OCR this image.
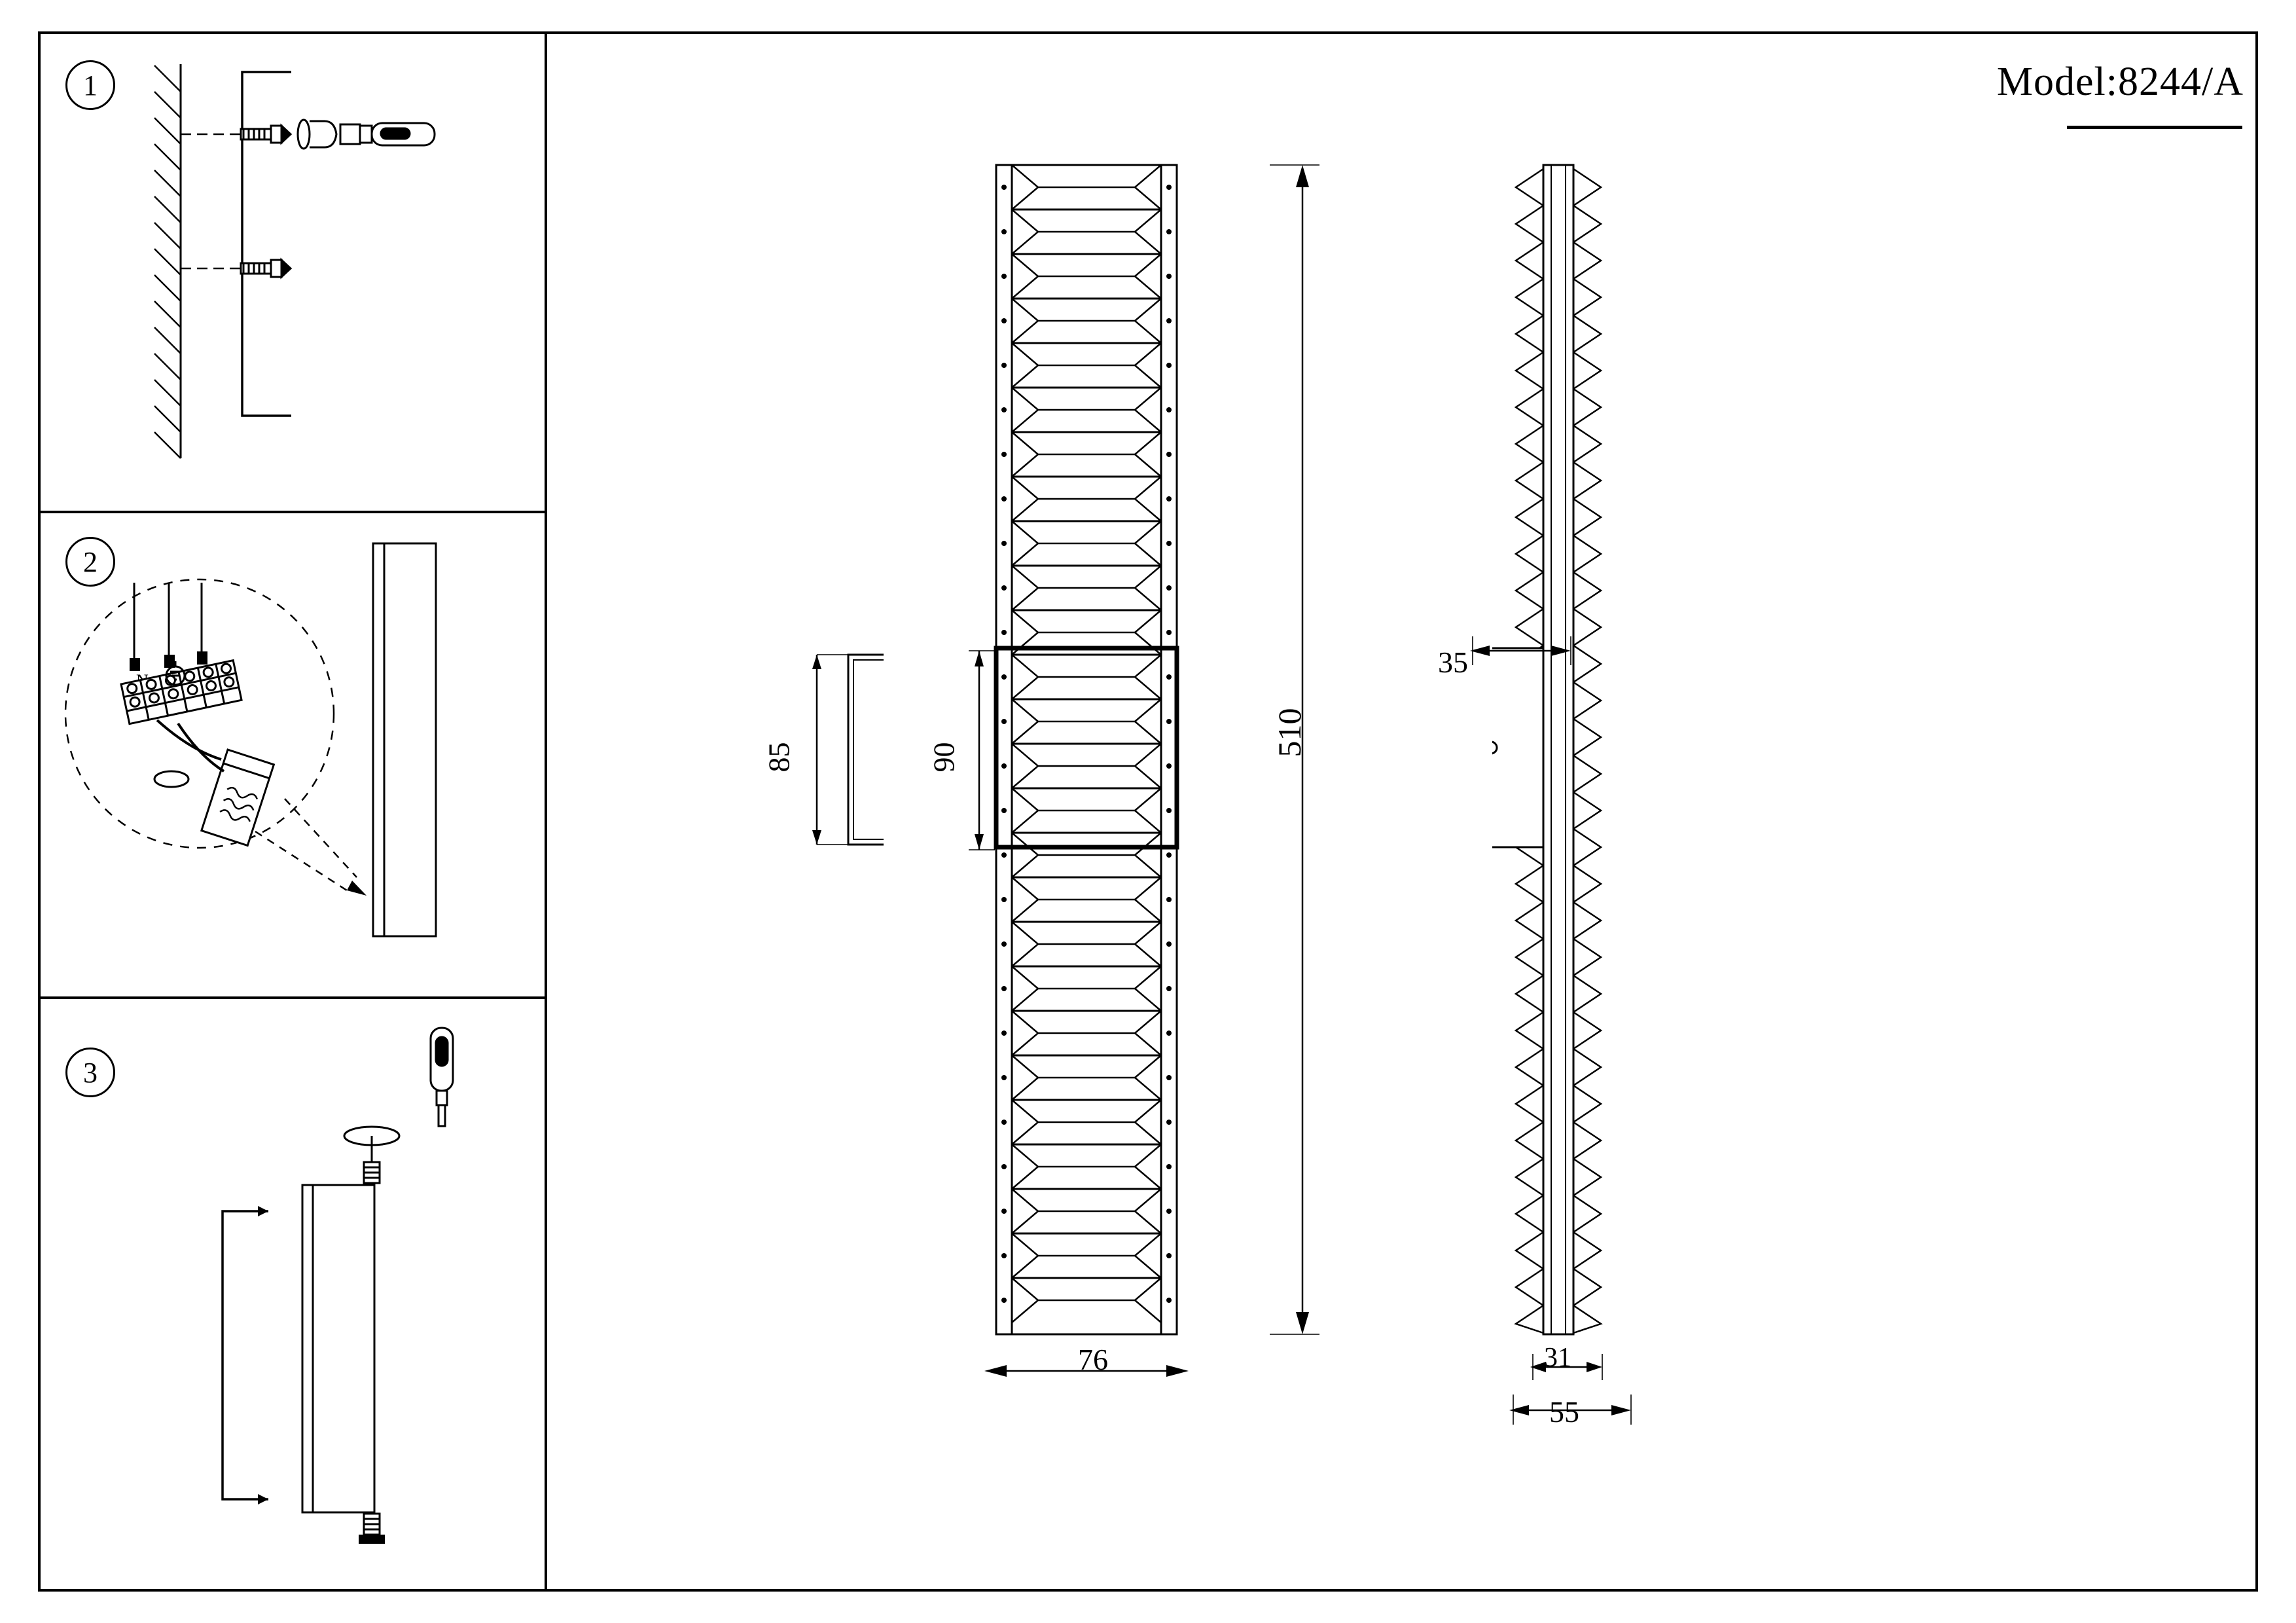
Model:8244/A
1
2
3
85	90	510
76
35
31
55
